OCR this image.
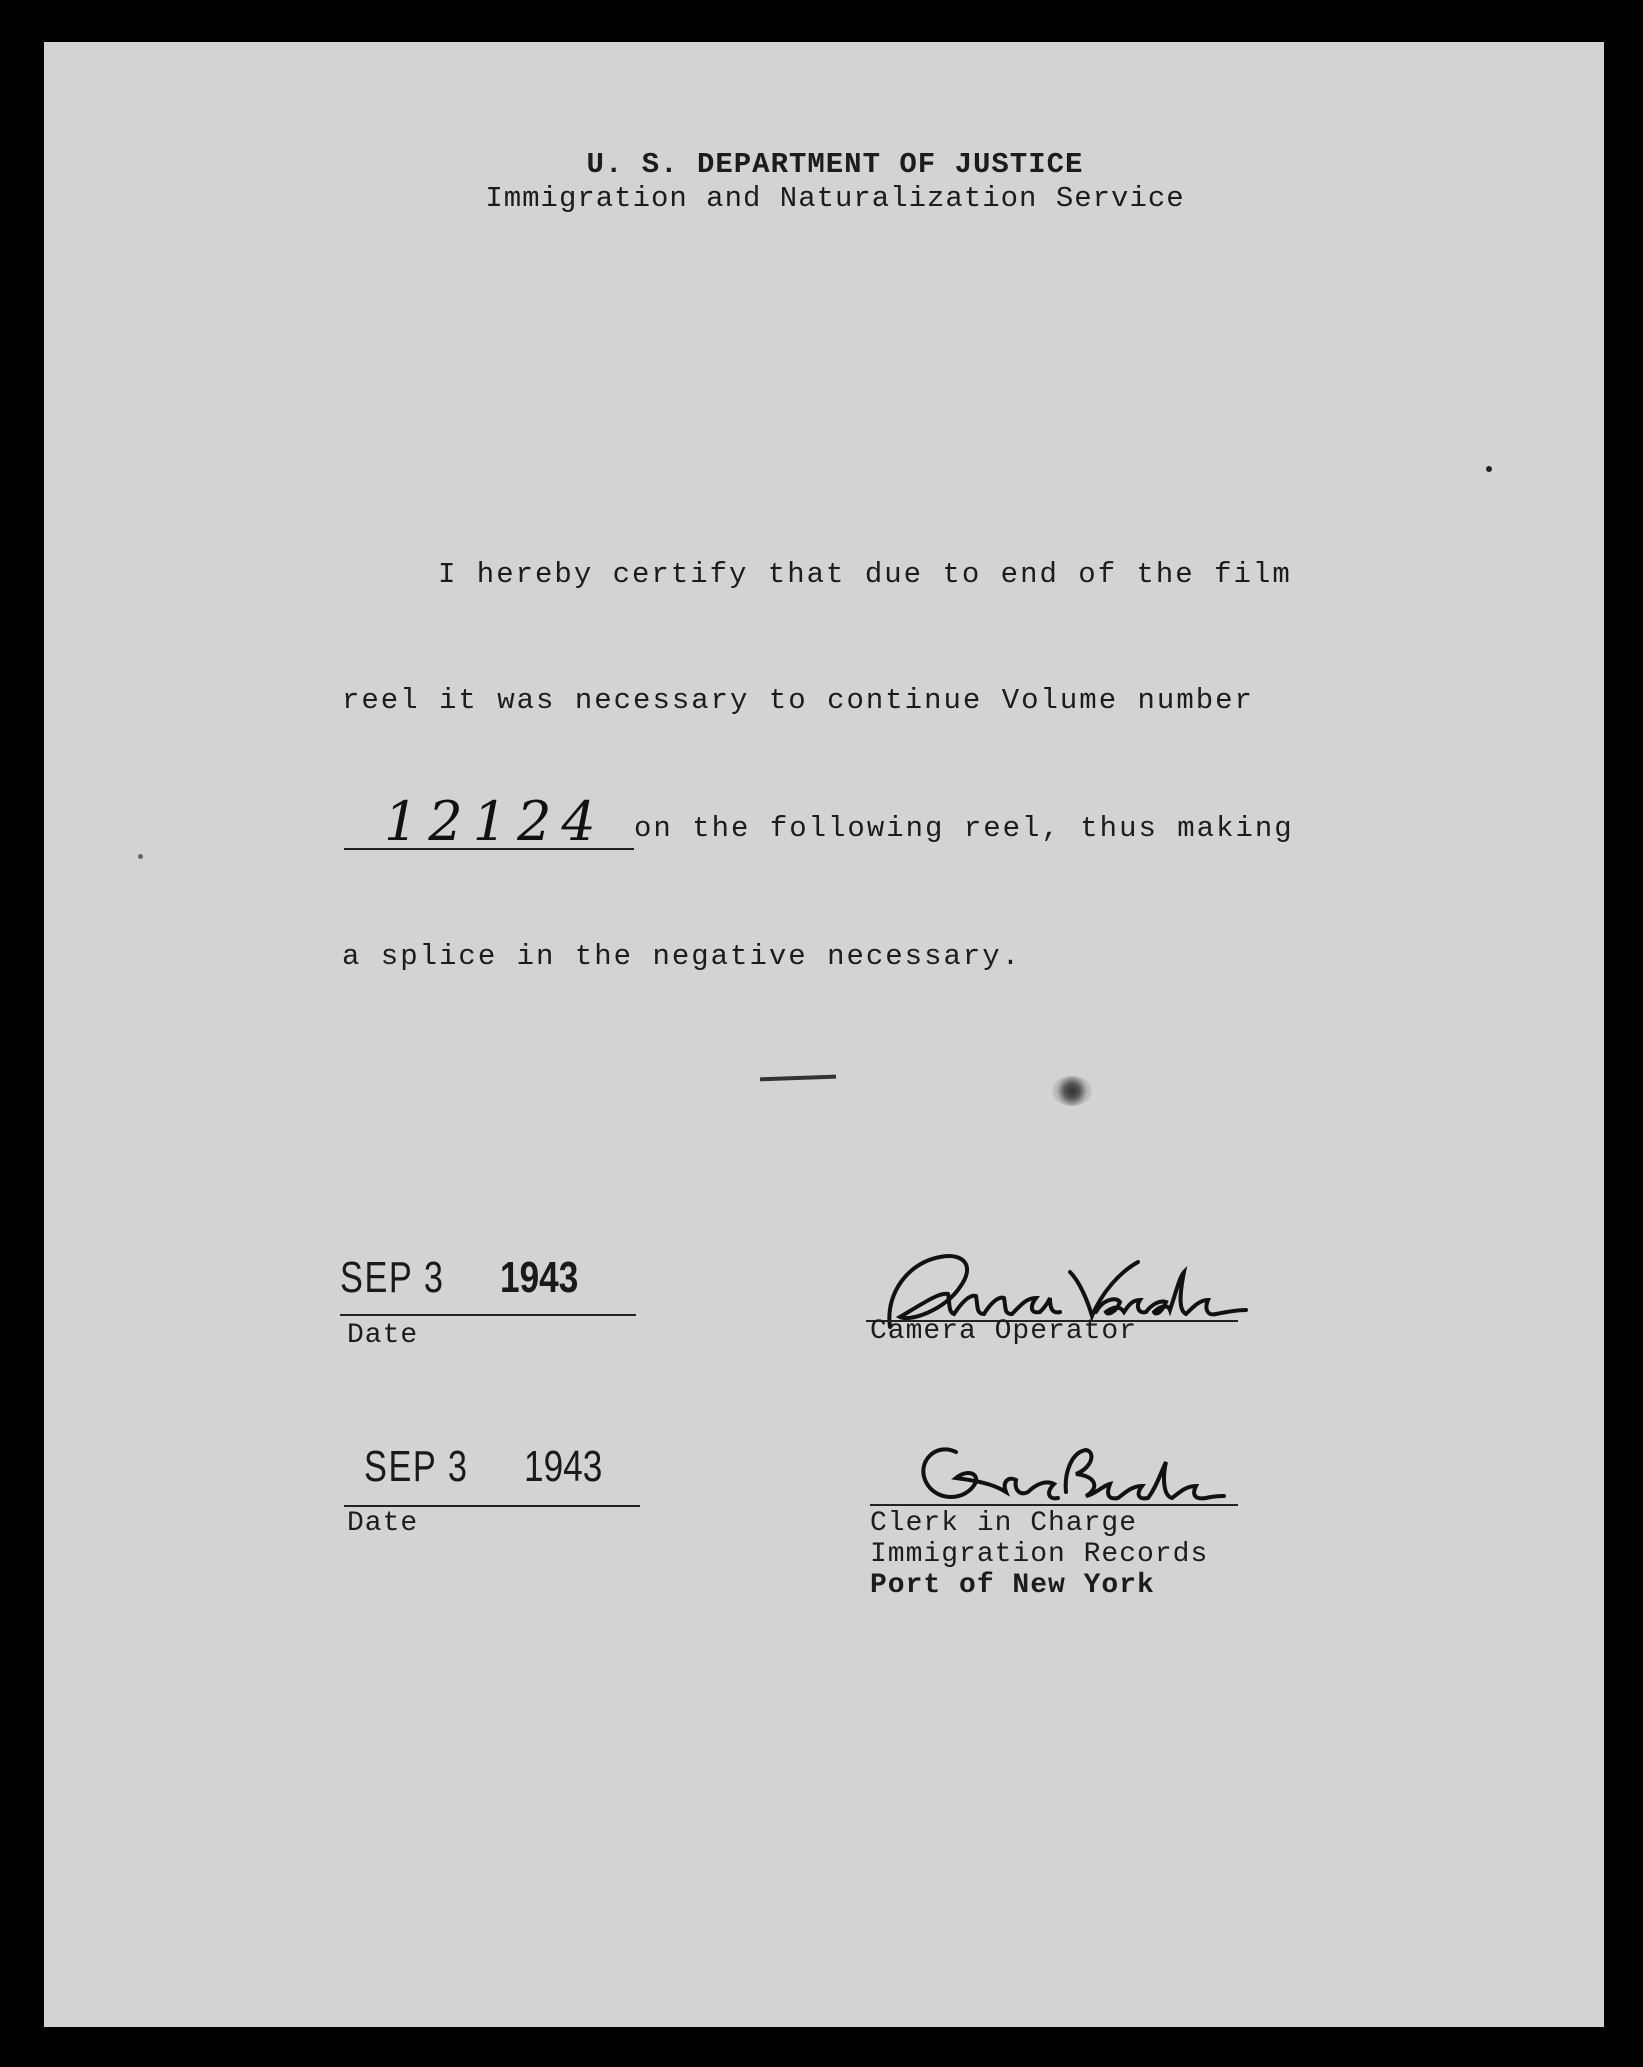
U. S. DEPARTMENT OF JUSTICE
Immigration and Naturalization Service
I hereby certify that due to end of the film
reel it was necessary to continue Volume number
12124 on the following reel, thus making
a splice in the negative necessary.
SEP 3 1943
Date	Camera Operator
SEP 3 1943
Date	Clerk in Charge
Immigration Records
Port of New York
